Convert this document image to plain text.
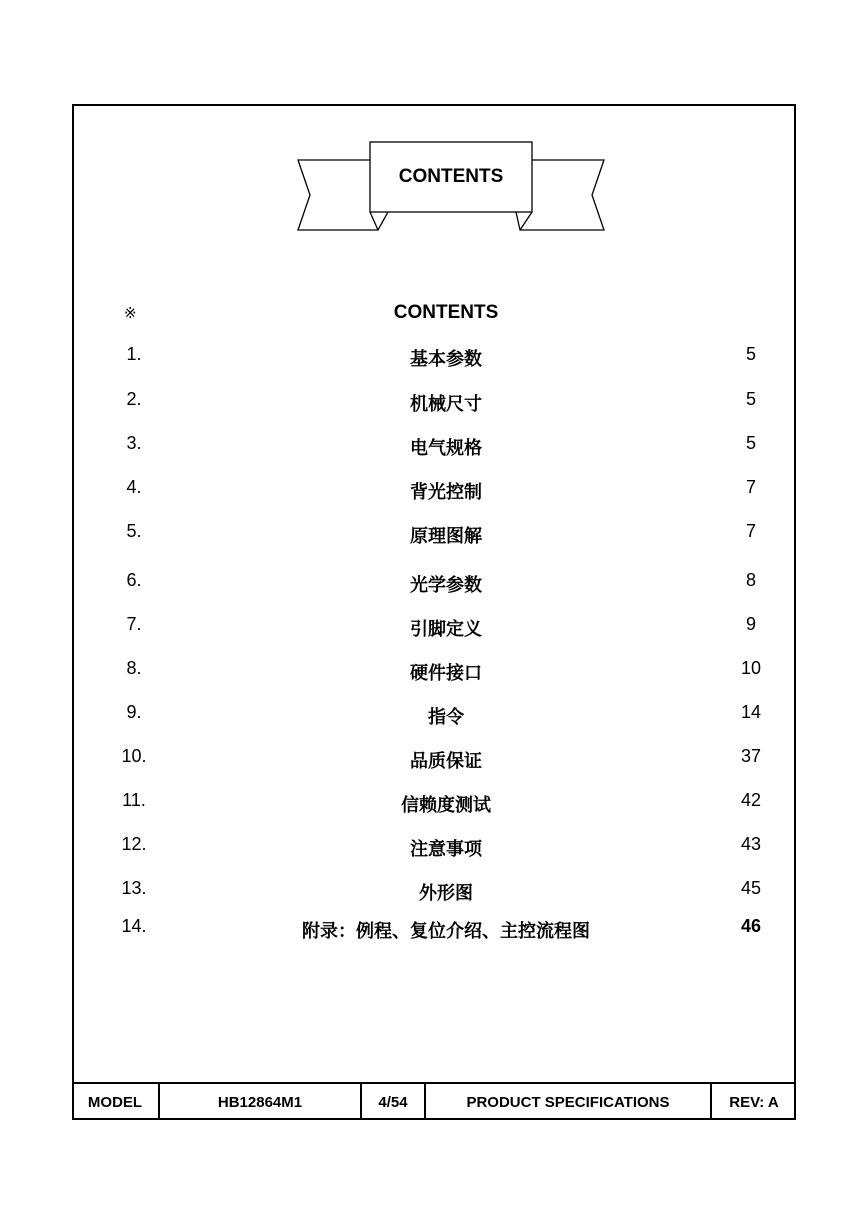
CONTENTS
※	CONTENTS
1.	基本参数	5
2.	机械尺寸	5
3.	电气规格	5
4.	背光控制	7
5.	原理图解	7
6.	光学参数	8
7.	引脚定义	9
8.	硬件接口	10
9.	指令	14
10.	品质保证	37
11.	信赖度测试	42
12.	注意事项	43
13.	外形图	45
14.	附录：例程、复位介绍、主控流程图	46
MODEL	HB12864M1	4/54	PRODUCT SPECIFICATIONS	REV: A
